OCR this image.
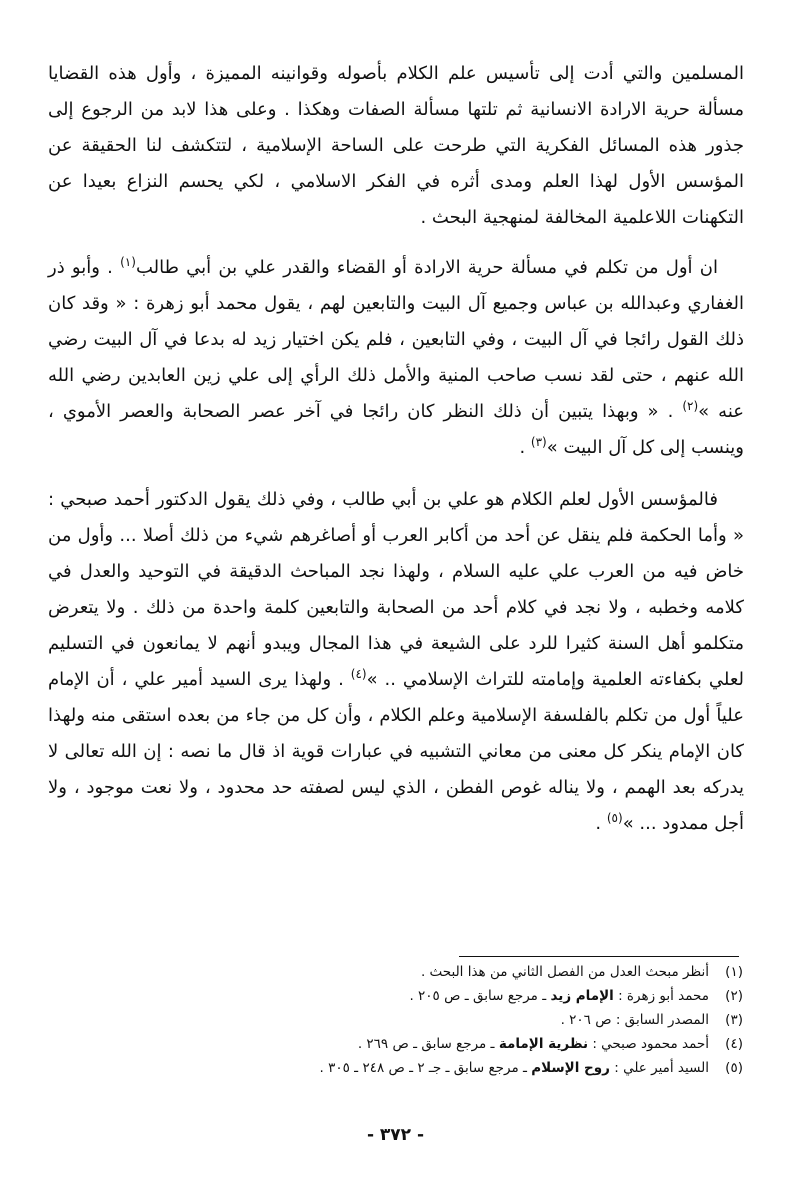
المسلمين والتي أدت إلى تأسيس علم الكلام بأصوله وقوانينه المميزة ، وأول هذه القضايا مسألة حرية الارادة الانسانية ثم تلتها مسألة الصفات وهكذا . وعلى هذا لابد من الرجوع إلى جذور هذه المسائل الفكرية التي طرحت على الساحة الإسلامية ، لتتكشف لنا الحقيقة عن المؤسس الأول لهذا العلم ومدى أثره في الفكر الاسلامي ، لكي يحسم النزاع بعيدا عن التكهنات اللاعلمية المخالفة لمنهجية البحث .

ان أول من تكلم في مسألة حرية الارادة أو القضاء والقدر علي بن أبي طالب$^{(١)}$ . وأبو ذر الغفاري وعبدالله بن عباس وجميع آل البيت والتابعين لهم ، يقول محمد أبو زهرة : « وقد كان ذلك القول رائجا في آل البيت ، وفي التابعين ، فلم يكن اختيار زيد له بدعا في آل البيت رضي الله عنهم ، حتى لقد نسب صاحب المنية والأمل ذلك الرأي إلى علي زين العابدين رضي الله عنه »$^{(٢)}$ . « وبهذا يتبين أن ذلك النظر كان رائجا في آخر عصر الصحابة والعصر الأموي ، وينسب إلى كل آل البيت »$^{(٣)}$ .

فالمؤسس الأول لعلم الكلام هو علي بن أبي طالب ، وفي ذلك يقول الدكتور أحمد صبحي : « وأما الحكمة فلم ينقل عن أحد من أكابر العرب أو أصاغرهم شيء من ذلك أصلا ... وأول من خاض فيه من العرب علي عليه السلام ، ولهذا نجد المباحث الدقيقة في التوحيد والعدل في كلامه وخطبه ، ولا نجد في كلام أحد من الصحابة والتابعين كلمة واحدة من ذلك . ولا يتعرض متكلمو أهل السنة كثيرا للرد على الشيعة في هذا المجال ويبدو أنهم لا يمانعون في التسليم لعلي بكفاءته العلمية وإمامته للتراث الإسلامي .. »$^{(٤)}$ . ولهذا يرى السيد أمير علي ، أن الإمام علياً أول من تكلم بالفلسفة الإسلامية وعلم الكلام ، وأن كل من جاء من بعده استقى منه ولهذا كان الإمام ينكر كل معنى من معاني التشبيه في عبارات قوية اذ قال ما نصه : إن الله تعالى لا يدركه بعد الهمم ، ولا يناله غوص الفطن ، الذي ليس لصفته حد محدود ، ولا نعت موجود ، ولا أجل ممدود ... »$^{(٥)}$ .

(١)أنظر مبحث العدل من الفصل الثاني من هذا البحث .
(٢)محمد أبو زهرة : الإمام زيد ـ مرجع سابق ـ ص ٢٠٥ .
(٣)المصدر السابق : ص ٢٠٦ .
(٤)أحمد محمود صبحي : نظرية الإمامة ـ مرجع سابق ـ ص ٢٦٩ .
(٥)السيد أمير علي : روح الإسلام ـ مرجع سابق ـ جـ ٢ ـ ص ٢٤٨ ـ ٣٠٥ .
- ٣٧٢ -
